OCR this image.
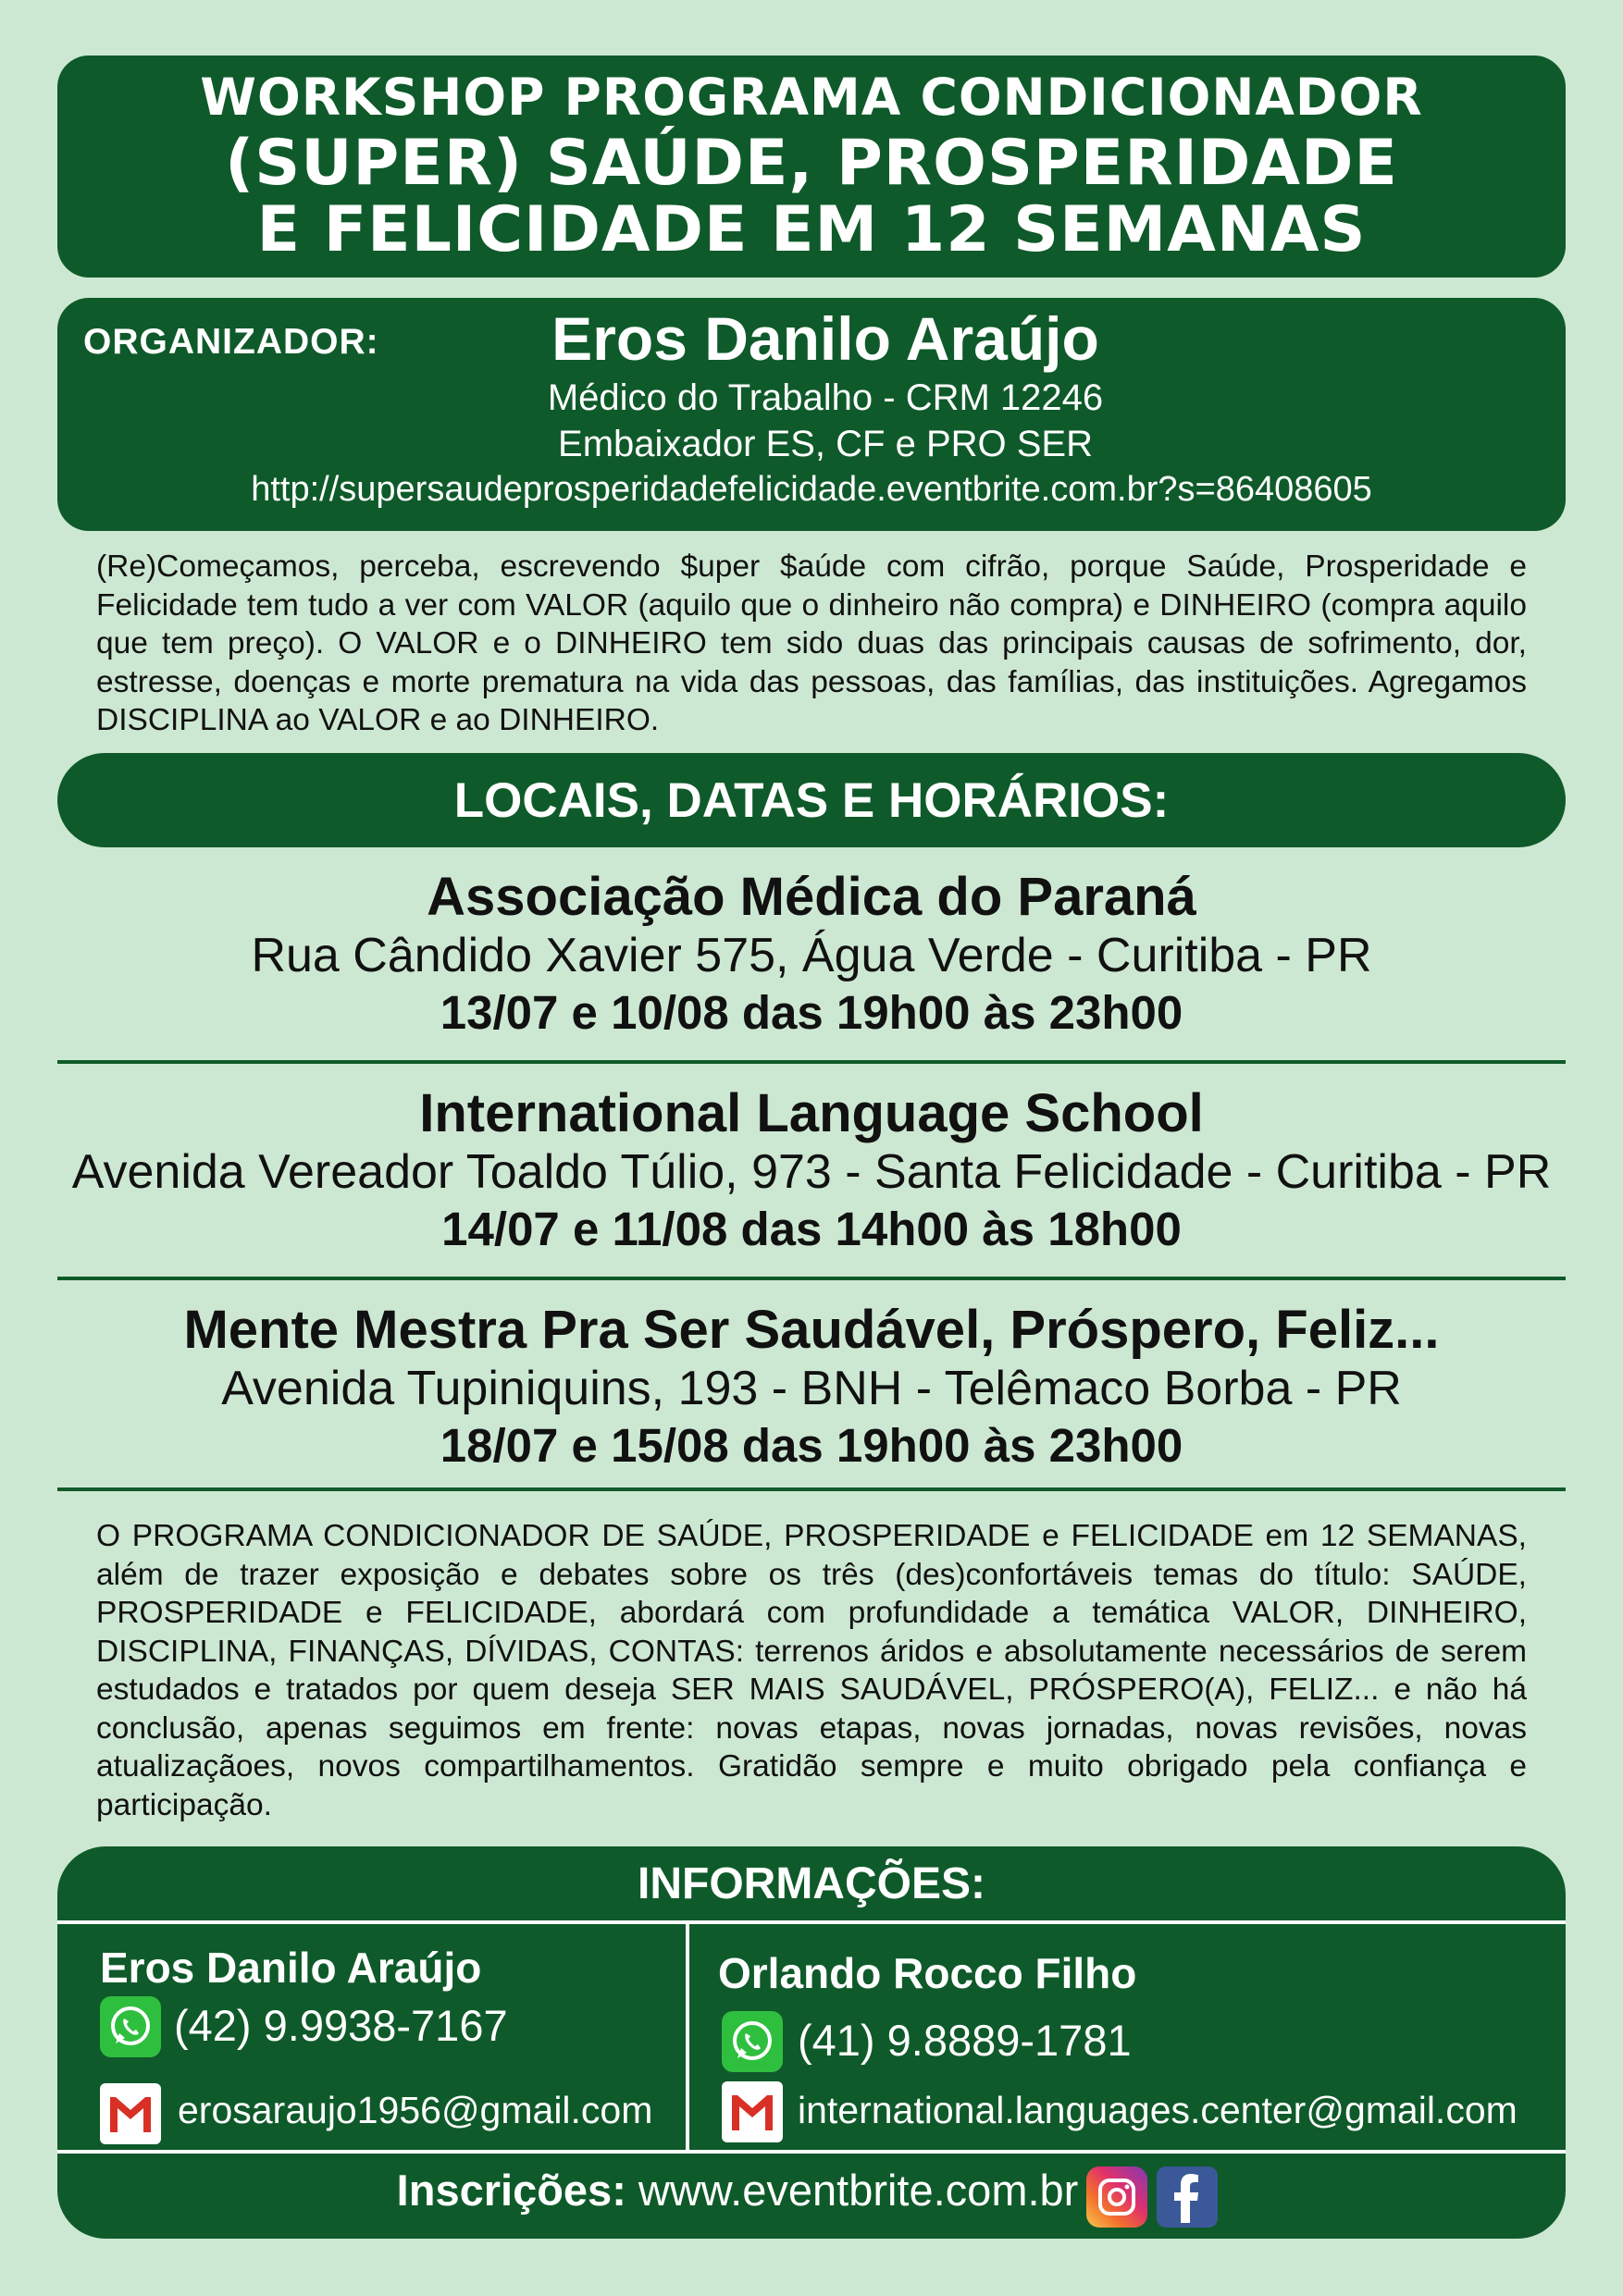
WORKSHOP PROGRAMA CONDICIONADOR
(SUPER) SAÚDE, PROSPERIDADE
E FELICIDADE EM 12 SEMANAS
ORGANIZADOR:	Eros Danilo Araújo
Médico do Trabalho - CRM 12246
Embaixador ES, CF e PRO SER
http://supersaudeprosperidadefelicidade.eventbrite.com.br?s=86408605

(Re)Começamos, perceba, escrevendo $uper $aúde com cifrão, porque Saúde, Prosperidade e Felicidade tem tudo a ver com VALOR (aquilo que o dinheiro não compra) e DINHEIRO (compra aquilo que tem preço). O VALOR e o DINHEIRO tem sido duas das principais causas de sofrimento, dor, estresse, doenças e morte prematura na vida das pessoas, das famílias, das instituições. Agregamos DISCIPLINA ao VALOR e ao DINHEIRO.

LOCAIS, DATAS E HORÁRIOS:
Associação Médica do Paraná
Rua Cândido Xavier 575, Água Verde - Curitiba - PR
13/07 e 10/08 das 19h00 às 23h00
International Language School
Avenida Vereador Toaldo Túlio, 973 - Santa Felicidade - Curitiba - PR
14/07 e 11/08 das 14h00 às 18h00
Mente Mestra Pra Ser Saudável, Próspero, Feliz...
Avenida Tupiniquins, 193 - BNH - Telêmaco Borba - PR
18/07 e 15/08 das 19h00 às 23h00

O PROGRAMA CONDICIONADOR DE SAÚDE, PROSPERIDADE e FELICIDADE em 12 SEMANAS, além de trazer exposição e debates sobre os três (des)confortáveis temas do título: SAÚDE, PROSPERIDADE e FELICIDADE, abordará com profundidade a temática VALOR, DINHEIRO, DISCIPLINA, FINANÇAS, DÍVIDAS, CONTAS: terrenos áridos e absolutamente necessários de serem estudados e tratados por quem deseja SER MAIS SAUDÁVEL, PRÓSPERO(A), FELIZ... e não há conclusão, apenas seguimos em frente: novas etapas, novas jornadas, novas revisões, novas atualizaçãoes, novos compartilhamentos. Gratidão sempre e muito obrigado pela confiança e participação.

INFORMAÇÕES:
Eros Danilo Araújo
(42) 9.9938-7167
erosaraujo1956@gmail.com
Orlando Rocco Filho
(41) 9.8889-1781
international.languages.center@gmail.com
Inscrições: www.eventbrite.com.br
